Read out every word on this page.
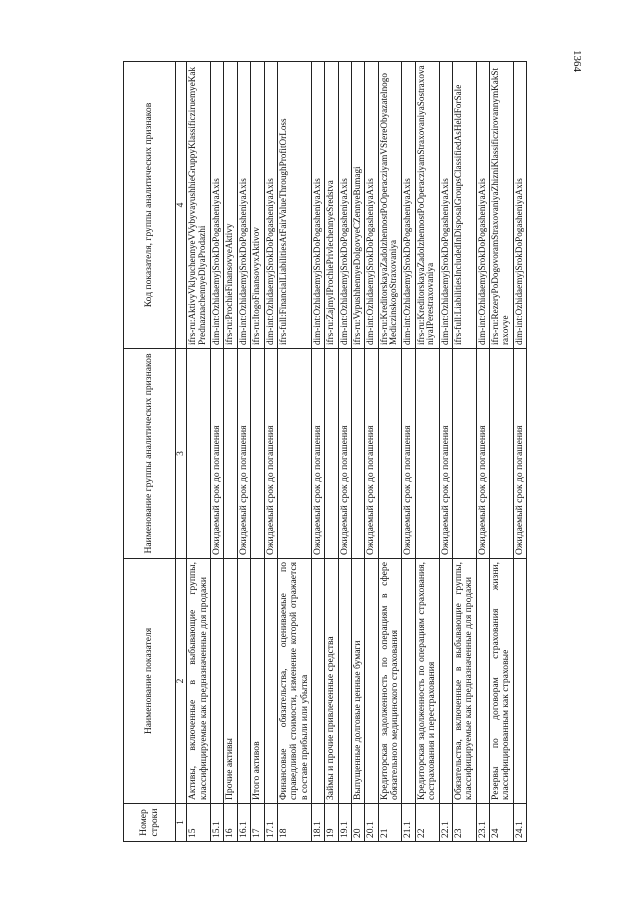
1364
Номер строки	Наименование показателя	Наименование группы аналитических признаков	Код показателя, группы аналитических признаков
1	2	3	4
15	Активы, включенные в выбывающие группы, классифицируемые как предназначенные для продажи		ifrs-ru:AktivyVklyuchennyeVVybyvayushhieGruppyKlassificziruemyeKakPrednaznachennyeDlyaProdazhi
15.1		Ожидаемый срок до погашения	dim-int:OzhidaemyjSrokDoPogasheniyaAxis
16	Прочие активы		ifrs-ru:ProchieFinansovyeAktivy
16.1		Ожидаемый срок до погашения	dim-int:OzhidaemyjSrokDoPogasheniyaAxis
17	Итого активов		ifrs-ru:ItogoFinansovyxAktivov
17.1		Ожидаемый срок до погашения	dim-int:OzhidaemyjSrokDoPogasheniyaAxis
18	Финансовые обязательства, оцениваемые по справедливой стоимости, изменение которой отражается в составе прибыли или убытка		ifrs-full:FinancialLiabilitiesAtFairValueThroughProfitOrLoss
18.1		Ожидаемый срок до погашения	dim-int:OzhidaemyjSrokDoPogasheniyaAxis
19	Займы и прочие привлеченные средства		ifrs-ru:ZajmyIProchiePrivlechennyeSredstva
19.1		Ожидаемый срок до погашения	dim-int:OzhidaemyjSrokDoPogasheniyaAxis
20	Выпущенные долговые ценные бумаги		ifrs-ru:VypushhennyeDolgovyeCZennyeBumagi
20.1		Ожидаемый срок до погашения	dim-int:OzhidaemyjSrokDoPogasheniyaAxis
21	Кредиторская задолженность по операциям в сфере обязательного медицинского страхования		ifrs-ru:KreditorskayaZadolzhennostPoOperacziyamVSfereObyazatelnogoMediczinskogoStraxovaniya
21.1		Ожидаемый срок до погашения	dim-int:OzhidaemyjSrokDoPogasheniyaAxis
22	Кредиторская задолженность по операциям страхования, сострахования и перестрахования		ifrs-ru:KreditorskayaZadolzhennostPoOperacziyamStraxovaniyaSostraxovaniyaIPerestraxovaniya
22.1		Ожидаемый срок до погашения	dim-int:OzhidaemyjSrokDoPogasheniyaAxis
23	Обязательства, включенные в выбывающие группы, классифицируемые как предназначенные для продажи		ifrs-full:LiabilitiesIncludedInDisposalGroupsClassifiedAsHeldForSale
23.1		Ожидаемый срок до погашения	dim-int:OzhidaemyjSrokDoPogasheniyaAxis
24	Резервы по договорам страхования жизни, классифицированным как страховые		ifrs-ru:RezeryPoDogovoramStraxovaniyaZhizniKlassificzirovannymKakStraxovye
24.1		Ожидаемый срок до погашения	dim-int:OzhidaemyjSrokDoPogasheniyaAxis
